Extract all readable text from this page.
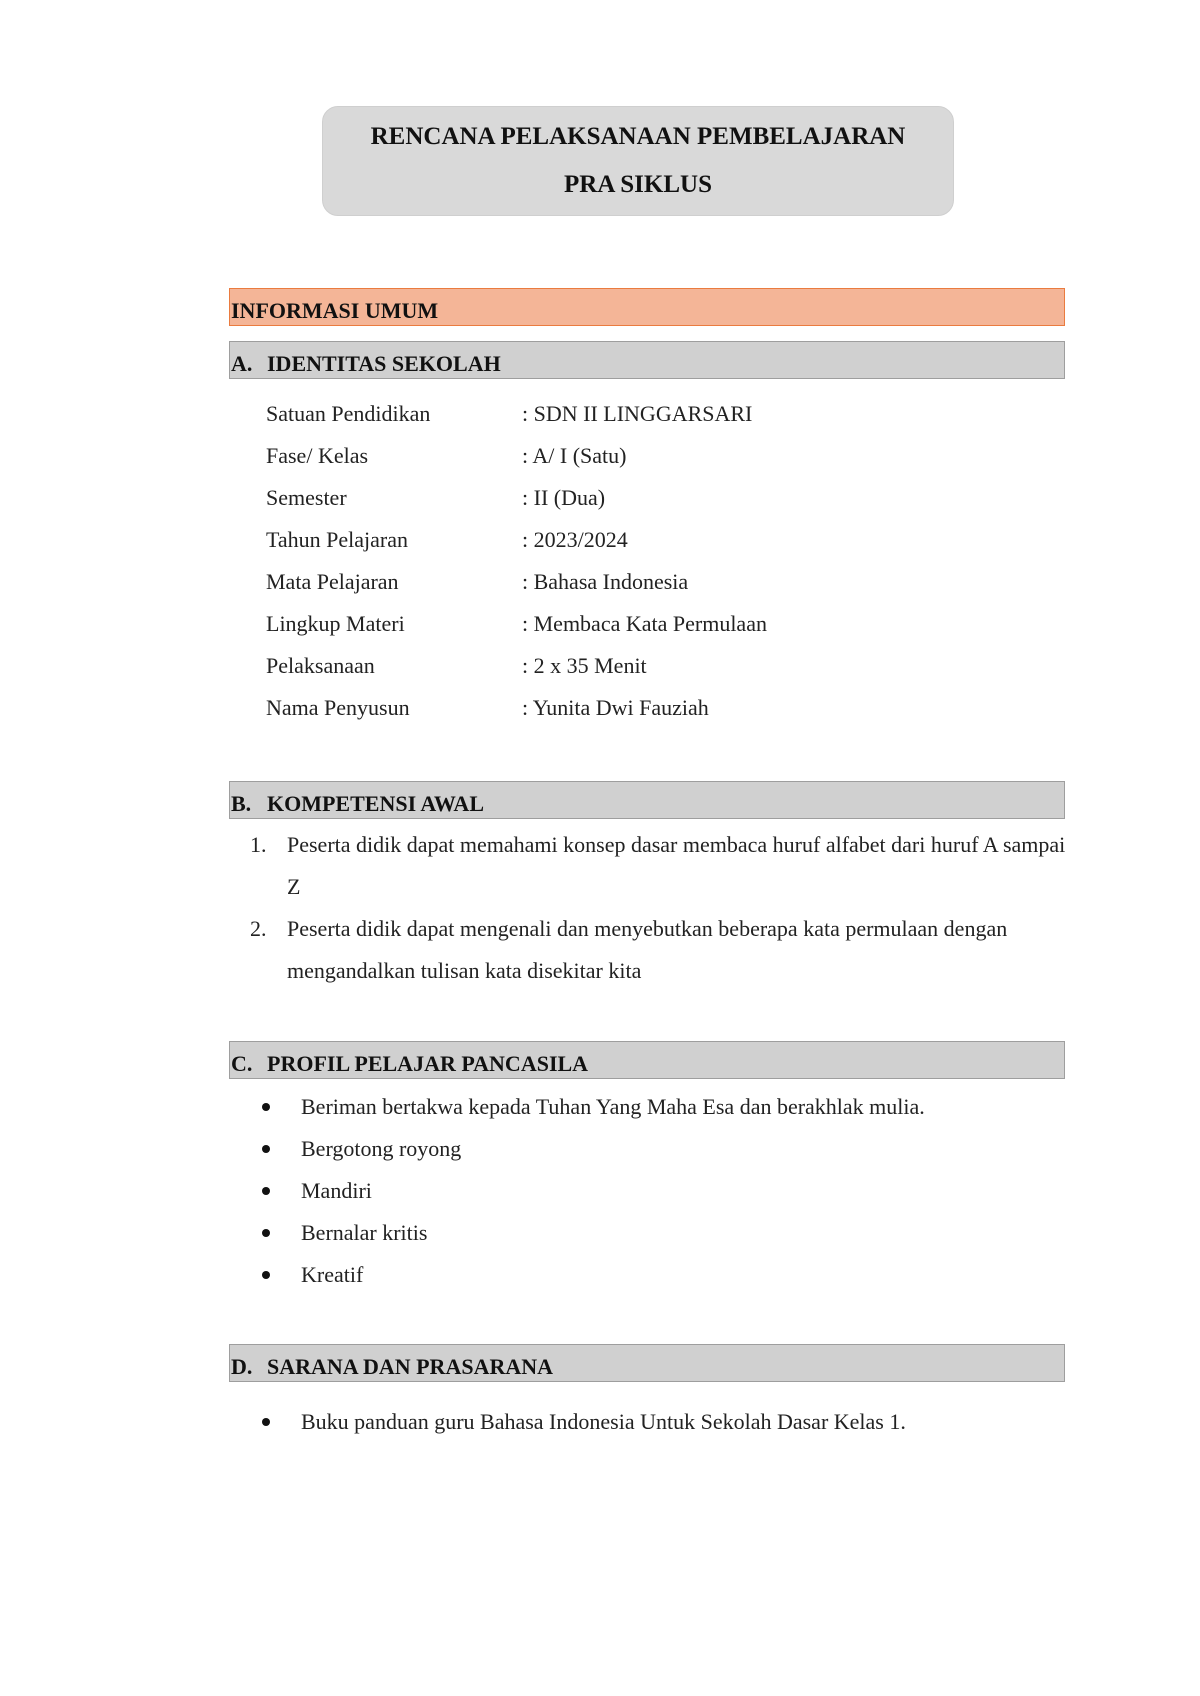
RENCANA PELAKSANAAN PEMBELAJARAN
PRA SIKLUS
INFORMASI UMUM
A. IDENTITAS SEKOLAH
Satuan Pendidikan	: SDN II LINGGARSARI
Fase/ Kelas	: A/ I (Satu)
Semester	: II (Dua)
Tahun Pelajaran	: 2023/2024
Mata Pelajaran	: Bahasa Indonesia
Lingkup Materi	: Membaca Kata Permulaan
Pelaksanaan	: 2 x 35 Menit
Nama Penyusun	: Yunita Dwi Fauziah
B. KOMPETENSI AWAL
1. Peserta didik dapat memahami konsep dasar membaca huruf alfabet dari huruf A sampai Z
2. Peserta didik dapat mengenali dan menyebutkan beberapa kata permulaan dengan mengandalkan tulisan kata disekitar kita
C. PROFIL PELAJAR PANCASILA
Beriman bertakwa kepada Tuhan Yang Maha Esa dan berakhlak mulia.
Bergotong royong
Mandiri
Bernalar kritis
Kreatif
D. SARANA DAN PRASARANA
Buku panduan guru Bahasa Indonesia Untuk Sekolah Dasar Kelas 1.
